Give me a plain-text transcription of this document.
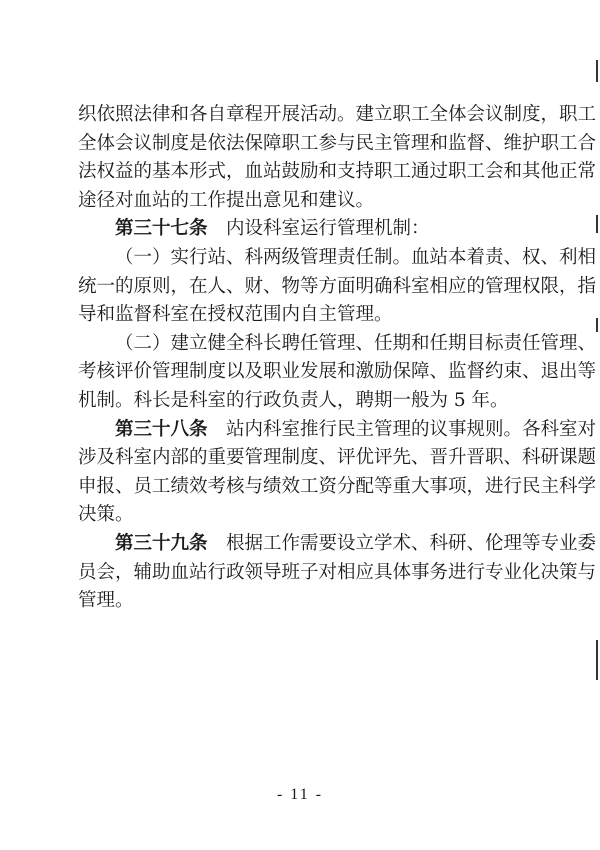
织依照法律和各自章程开展活动。建立职工全体会议制度，职工
全体会议制度是依法保障职工参与民主管理和监督、维护职工合
法权益的基本形式，血站鼓励和支持职工通过职工会和其他正常
途径对血站的工作提出意见和建议。
第三十七条　 内设科室运行管理机制：
（一）实行站、科两级管理责任制。血站本着责、权、利相
统一的原则，在人、财、物等方面明确科室相应的管理权限，指
导和监督科室在授权范围内自主管理。
（二）建立健全科长聘任管理、任期和任期目标责任管理、
考核评价管理制度以及职业发展和激励保障、监督约束、退出等
机制。科长是科室的行政负责人，聘期一般为 5 年。
第三十八条　 站内科室推行民主管理的议事规则。各科室对
涉及科室内部的重要管理制度、评优评先、晋升晋职、科研课题
申报、员工绩效考核与绩效工资分配等重大事项，进行民主科学
决策。
第三十九条　 根据工作需要设立学术、科研、伦理等专业委
员会，辅助血站行政领导班子对相应具体事务进行专业化决策与
管理。
- 11 -
